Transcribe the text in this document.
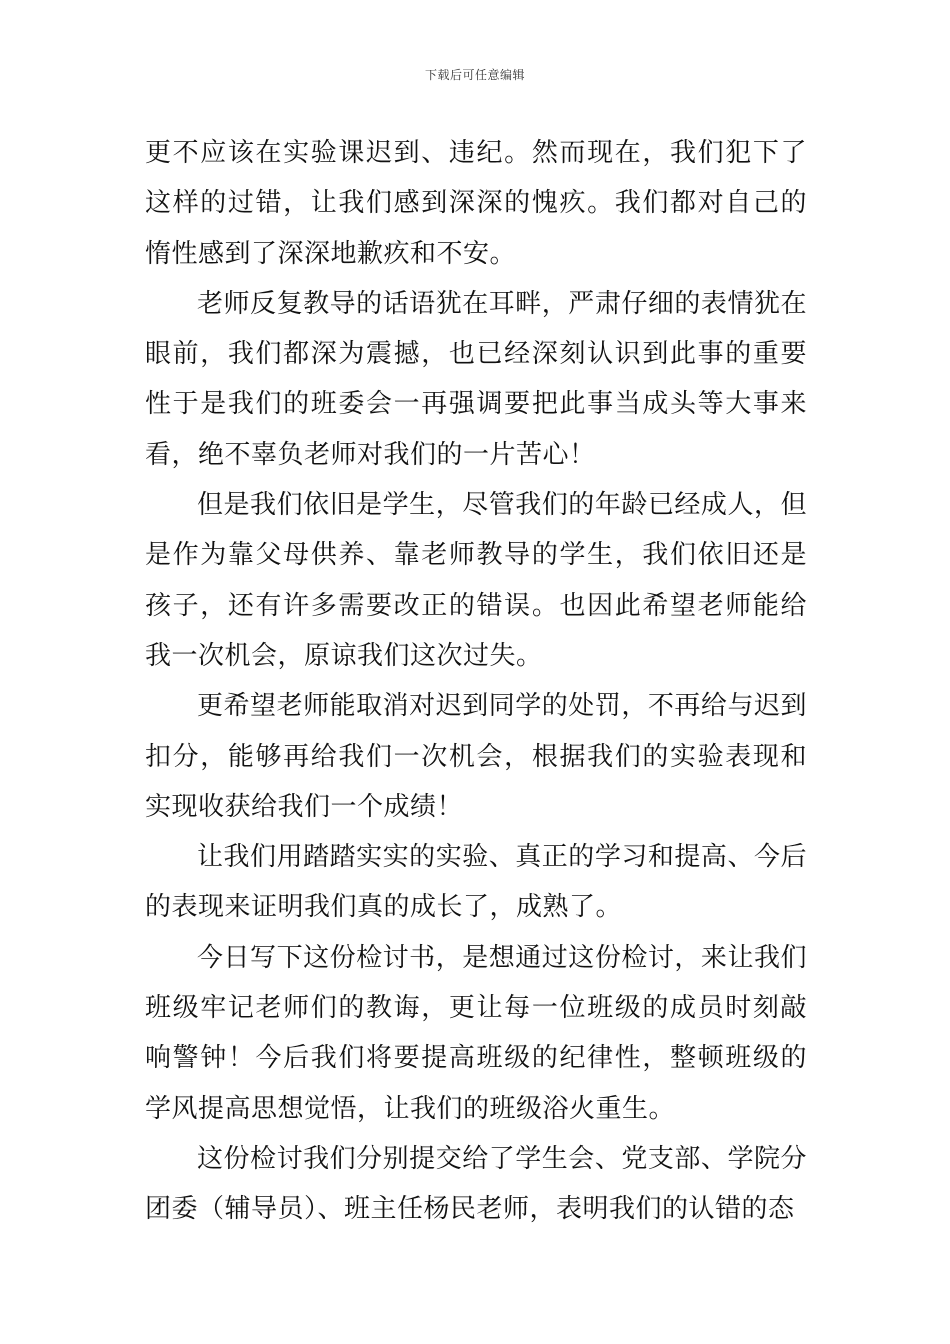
下载后可任意编辑

更不应该在实验课迟到、违纪。然而现在，我们犯下了这样的过错，让我们感到深深的愧疚。我们都对自己的惰性感到了深深地歉疚和不安。

老师反复教导的话语犹在耳畔，严肃仔细的表情犹在眼前，我们都深为震撼，也已经深刻认识到此事的重要性于是我们的班委会一再强调要把此事当成头等大事来看，绝不辜负老师对我们的一片苦心！

但是我们依旧是学生，尽管我们的年龄已经成人，但是作为靠父母供养、靠老师教导的学生，我们依旧还是孩子，还有许多需要改正的错误。也因此希望老师能给我一次机会，原谅我们这次过失。

更希望老师能取消对迟到同学的处罚，不再给与迟到扣分，能够再给我们一次机会，根据我们的实验表现和实现收获给我们一个成绩！

让我们用踏踏实实的实验、真正的学习和提高、今后的表现来证明我们真的成长了，成熟了。

今日写下这份检讨书，是想通过这份检讨，来让我们班级牢记老师们的教诲，更让每一位班级的成员时刻敲响警钟！今后我们将要提高班级的纪律性，整顿班级的学风提高思想觉悟，让我们的班级浴火重生。

这份检讨我们分别提交给了学生会、党支部、学院分团委（辅导员）、班主任杨民老师，表明我们的认错的态
